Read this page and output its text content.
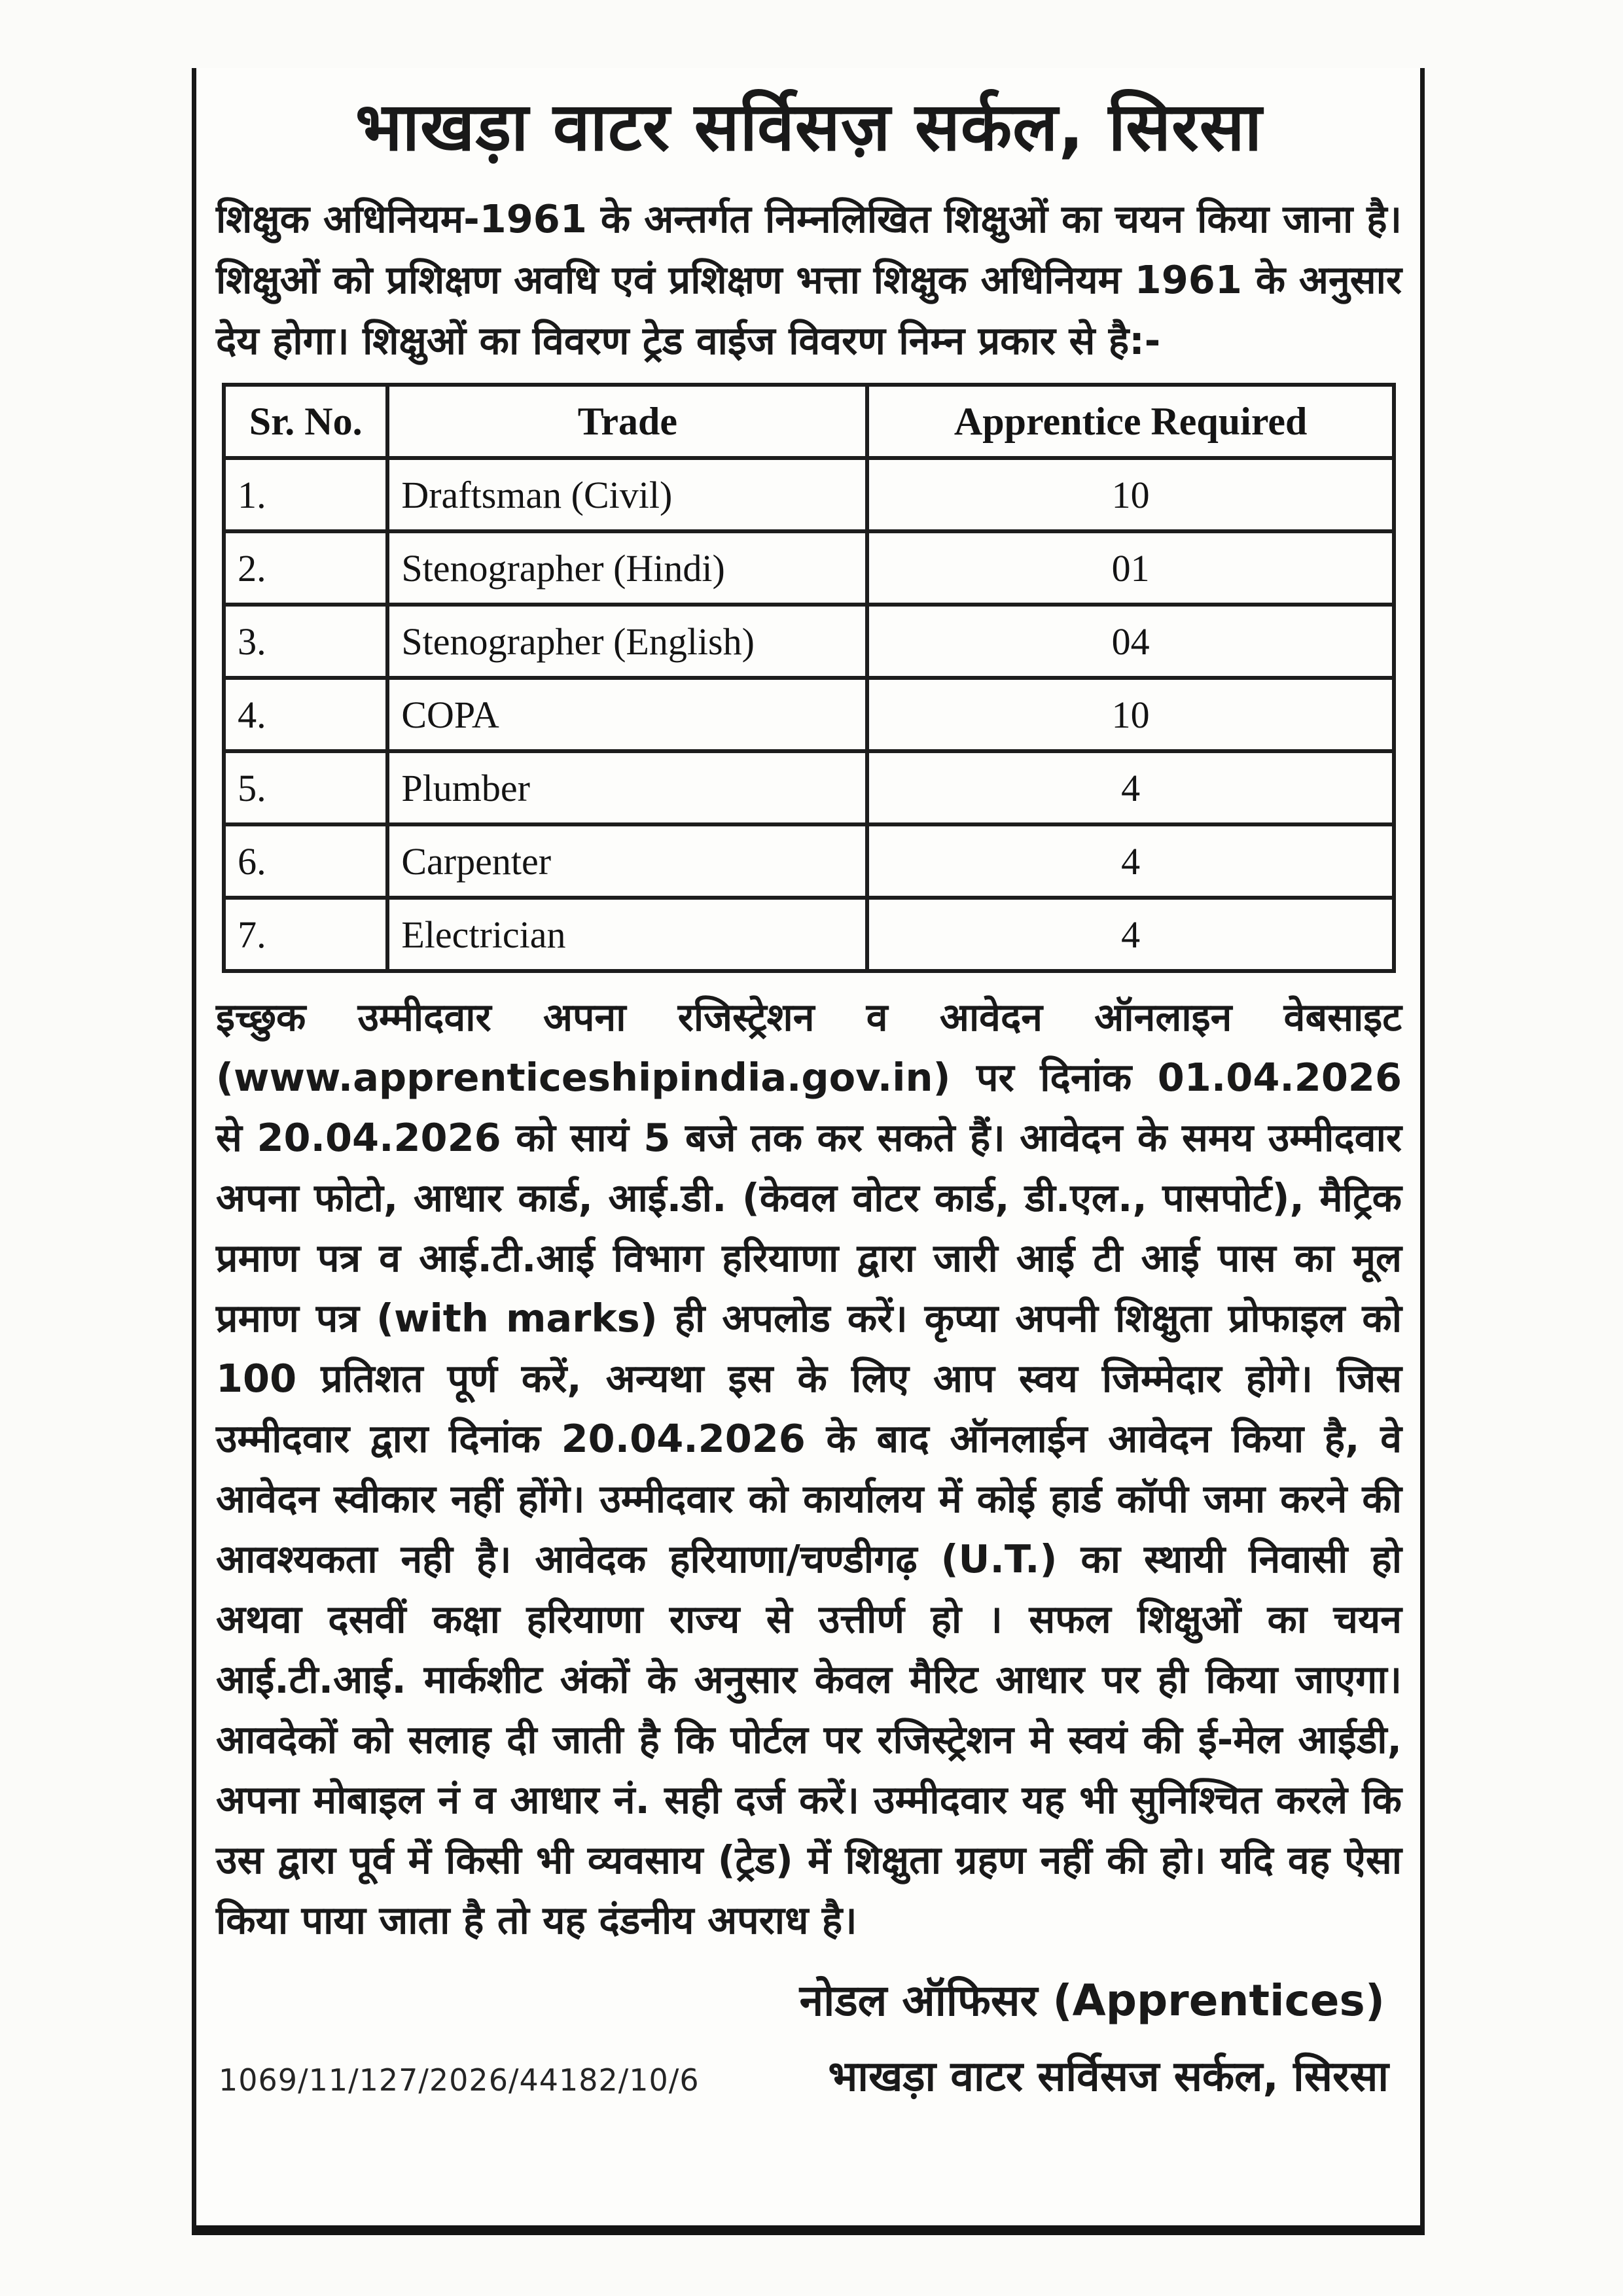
भाखड़ा वाटर सर्विसज़ सर्कल, सिरसा

शिक्षुक अधिनियम-1961 के अन्तर्गत निम्नलिखित शिक्षुओं का चयन किया जाना है। शिक्षुओं को प्रशिक्षण अवधि एवं प्रशिक्षण भत्ता शिक्षुक अधिनियम 1961 के अनुसार देय होगा। शिक्षुओं का विवरण ट्रेड वाईज विवरण निम्न प्रकार से है:-

Sr. No.	Trade	Apprentice Required
1.	Draftsman (Civil)	10
2.	Stenographer (Hindi)	01
3.	Stenographer (English)	04
4.	COPA	10
5.	Plumber	4
6.	Carpenter	4
7.	Electrician	4

इच्छुक उम्मीदवार अपना रजिस्ट्रेशन व आवेदन ऑनलाइन वेबसाइट (www.apprenticeshipindia.gov.in) पर दिनांक 01.04.2026 से 20.04.2026 को सायं 5 बजे तक कर सकते हैं। आवेदन के समय उम्मीदवार अपना फोटो, आधार कार्ड, आई.डी. (केवल वोटर कार्ड, डी.एल., पासपोर्ट), मैट्रिक प्रमाण पत्र व आई.टी.आई विभाग हरियाणा द्वारा जारी आई टी आई पास का मूल प्रमाण पत्र (with marks) ही अपलोड करें। कृप्या अपनी शिक्षुता प्रोफाइल को 100 प्रतिशत पूर्ण करें, अन्यथा इस के लिए आप स्वय जिम्मेदार होगे। जिस उम्मीदवार द्वारा दिनांक 20.04.2026 के बाद ऑनलाईन आवेदन किया है, वे आवेदन स्वीकार नहीं होंगे। उम्मीदवार को कार्यालय में कोई हार्ड कॉपी जमा करने की आवश्यकता नही है। आवेदक हरियाणा/चण्डीगढ़ (U.T.) का स्थायी निवासी हो अथवा दसवीं कक्षा हरियाणा राज्य से उत्तीर्ण हो । सफल शिक्षुओं का चयन आई.टी.आई. मार्कशीट अंकों के अनुसार केवल मैरिट आधार पर ही किया जाएगा। आवदेकों को सलाह दी जाती है कि पोर्टल पर रजिस्ट्रेशन मे स्वयं की ई-मेल आईडी, अपना मोबाइल नं व आधार नं. सही दर्ज करें। उम्मीदवार यह भी सुनिश्चित करले कि उस द्वारा पूर्व में किसी भी व्यवसाय (ट्रेड) में शिक्षुता ग्रहण नहीं की हो। यदि वह ऐसा किया पाया जाता है तो यह दंडनीय अपराध है।

नोडल ऑफिसर (Apprentices)
1069/11/127/2026/44182/10/6	भाखड़ा वाटर सर्विसज सर्कल, सिरसा
